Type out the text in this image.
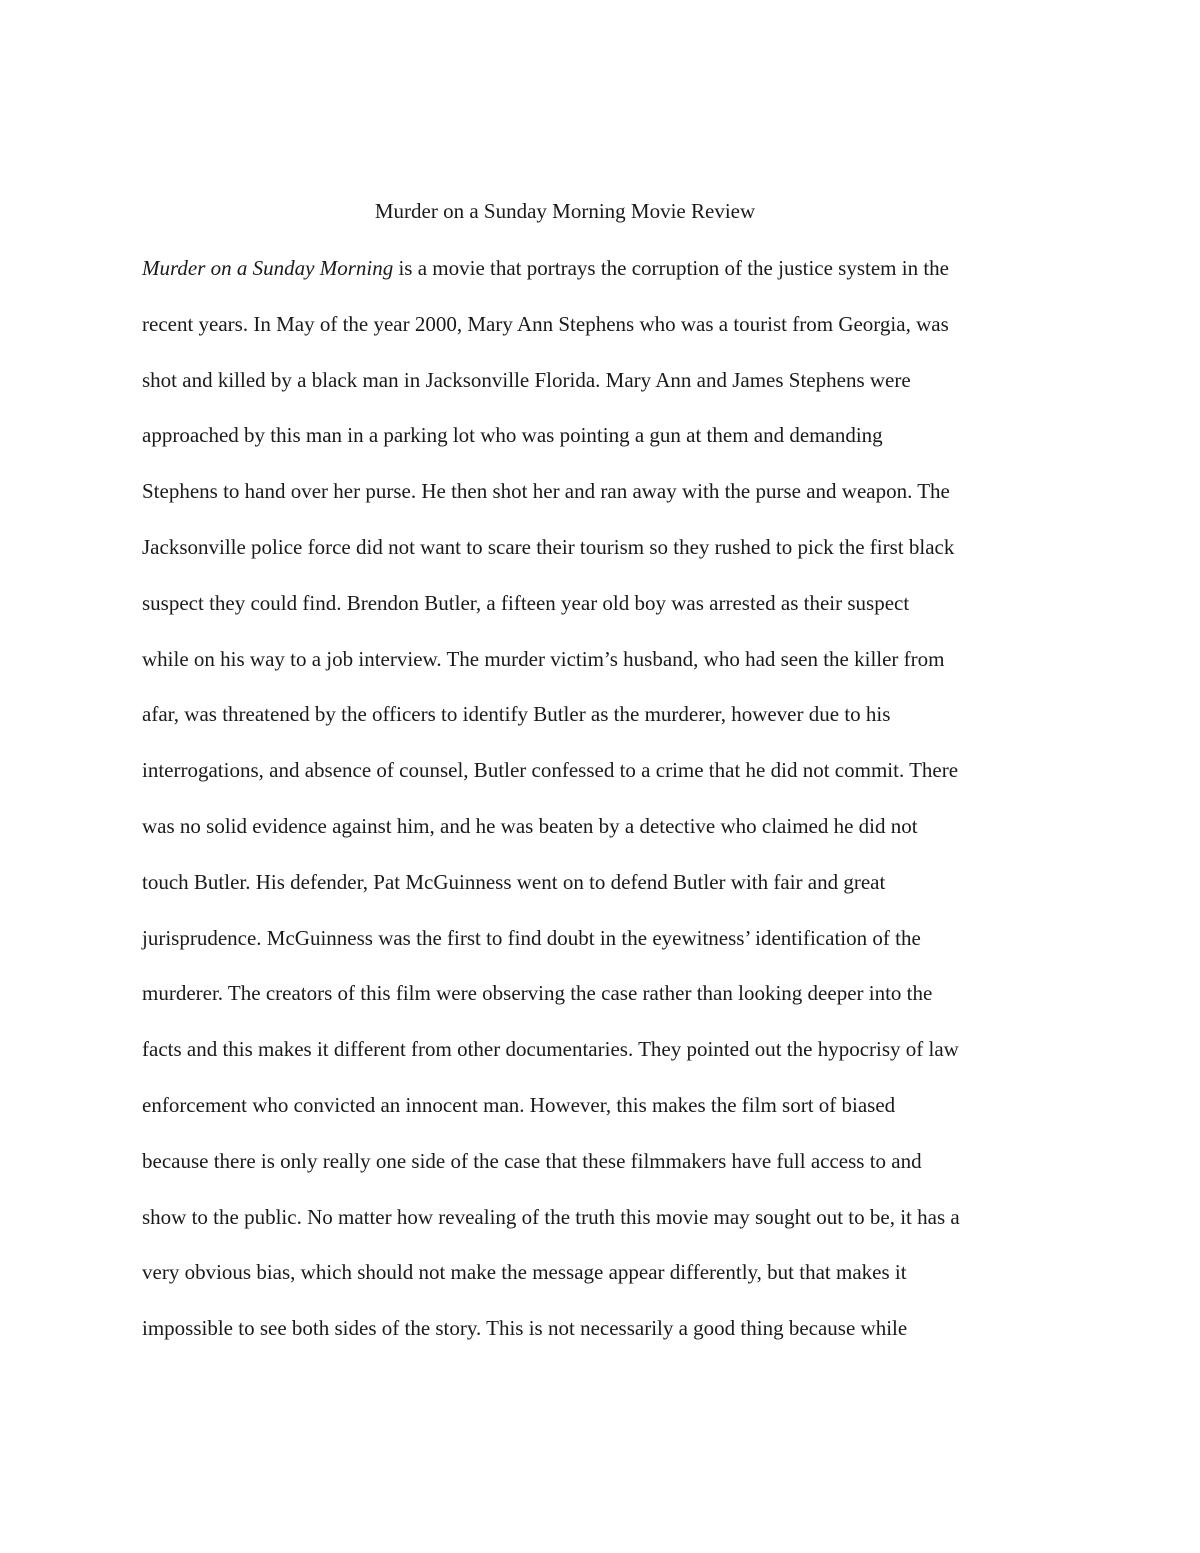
Murder on a Sunday Morning Movie Review
Murder on a Sunday Morning is a movie that portrays the corruption of the justice system in the
recent years. In May of the year 2000, Mary Ann Stephens who was a tourist from Georgia, was
shot and killed by a black man in Jacksonville Florida. Mary Ann and James Stephens were
approached by this man in a parking lot who was pointing a gun at them and demanding
Stephens to hand over her purse. He then shot her and ran away with the purse and weapon. The
Jacksonville police force did not want to scare their tourism so they rushed to pick the first black
suspect they could find. Brendon Butler, a fifteen year old boy was arrested as their suspect
while on his way to a job interview. The murder victim’s husband, who had seen the killer from
afar, was threatened by the officers to identify Butler as the murderer, however due to his
interrogations, and absence of counsel, Butler confessed to a crime that he did not commit. There
was no solid evidence against him, and he was beaten by a detective who claimed he did not
touch Butler. His defender, Pat McGuinness went on to defend Butler with fair and great
jurisprudence. McGuinness was the first to find doubt in the eyewitness’ identification of the
murderer. The creators of this film were observing the case rather than looking deeper into the
facts and this makes it different from other documentaries. They pointed out the hypocrisy of law
enforcement who convicted an innocent man. However, this makes the film sort of biased
because there is only really one side of the case that these filmmakers have full access to and
show to the public. No matter how revealing of the truth this movie may sought out to be, it has a
very obvious bias, which should not make the message appear differently, but that makes it
impossible to see both sides of the story. This is not necessarily a good thing because while
